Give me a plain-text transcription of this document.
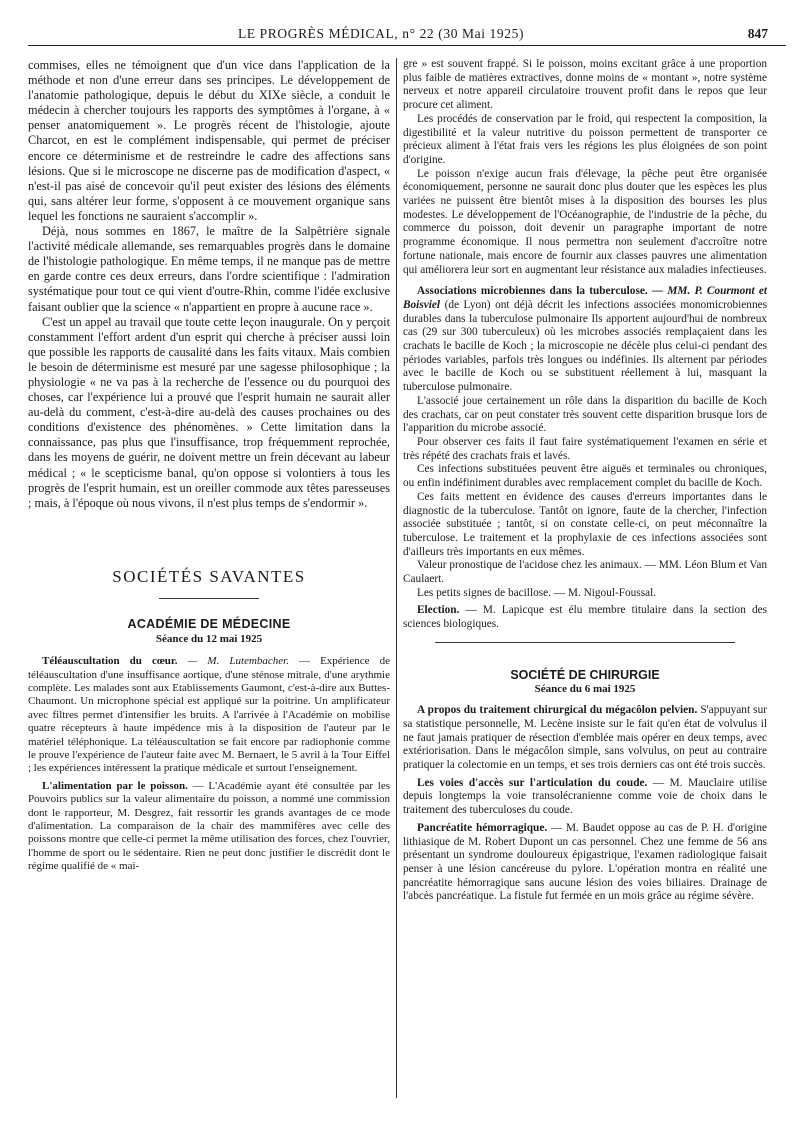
LE PROGRÈS MÉDICAL, n° 22 (30 Mai 1925)	847

commises, elles ne témoignent que d'un vice dans l'application de la méthode et non d'une erreur dans ses principes. Le développement de l'anatomie pathologique, depuis le début du XIXe siècle, a conduit le médecin à chercher toujours les rapports des symptômes à l'organe, à « penser anatomiquement ». Le progrès récent de l'histologie, ajoute Charcot, en est le complément indispensable, qui permet de préciser encore ce déterminisme et de restreindre le cadre des affections sans lésions. Que si le microscope ne discerne pas de modification d'aspect, « n'est-il pas aisé de concevoir qu'il peut exister des lésions des éléments qui, sans altérer leur forme, s'opposent à ce mouvement organique sans lequel les fonctions ne sauraient s'accomplir ».

Déjà, nous sommes en 1867, le maître de la Salpêtrière signale l'activité médicale allemande, ses remarquables progrès dans le domaine de l'histologie pathologique. En même temps, il ne manque pas de mettre en garde contre ces deux erreurs, dans l'ordre scientifique : l'admiration systématique pour tout ce qui vient d'outre-Rhin, comme l'idée exclusive faisant oublier que la science « n'appartient en propre à aucune race ».

C'est un appel au travail que toute cette leçon inaugurale. On y perçoit constamment l'effort ardent d'un esprit qui cherche à préciser aussi loin que possible les rapports de causalité dans les faits vitaux. Mais combien le besoin de déterminisme est mesuré par une sagesse philosophique ; la physiologie « ne va pas à la recherche de l'essence ou du pourquoi des choses, car l'expérience lui a prouvé que l'esprit humain ne saurait aller au-delà du comment, c'est-à-dire au-delà des causes prochaines ou des conditions d'existence des phénomènes. » Cette limitation dans la connaissance, pas plus que l'insuffisance, trop fréquemment reprochée, dans les moyens de guérir, ne doivent mettre un frein décevant au labeur médical ; « le scepticisme banal, qu'on oppose si volontiers à tous les progrès de l'esprit humain, est un oreiller commode aux têtes paresseuses ; mais, à l'époque où nous vivons, il n'est plus temps de s'endormir ».

SOCIÉTÉS SAVANTES
ACADÉMIE DE MÉDECINE
Séance du 12 mai 1925

Téléauscultation du cœur. — M. Lutembacher. — Expérience de téléauscultation d'une insuffisance aortique, d'une sténose mitrale, d'une arythmie complète. Les malades sont aux Etablissements Gaumont, c'est-à-dire aux Buttes-Chaumont. Un microphone spécial est appliqué sur la poitrine. Un amplificateur avec filtres permet d'intensifier les bruits. A l'arrivée à l'Académie on mobilise quatre récepteurs à haute impédence mis à la disposition de l'auteur par le matériel téléphonique. La téléauscultation se fait encore par radiophonie comme le prouve l'expérience de l'auteur faite avec M. Bernaert, le 5 avril à la Tour Eiffel ; les expériences intéressent la pratique médicale et surtout l'enseignement.

L'alimentation par le poisson. — L'Académie ayant été consultée par les Pouvoirs publics sur la valeur alimentaire du poisson, a nommé une commission dont le rapporteur, M. Desgrez, fait ressortir les grands avantages de ce mode d'alimentation. La comparaison de la chair des mammifères avec celle des poissons montre que celle-ci permet la même utilisation des forces, chez l'ouvrier, l'homme de sport ou le sédentaire. Rien ne peut donc justifier le discrédit dont le régime qualifié de « mai-

gre » est souvent frappé. Si le poisson, moins excitant grâce à une proportion plus faible de matières extractives, donne moins de « montant », notre système nerveux et notre appareil circulatoire trouvent profit dans le repos que leur procure cet aliment.

Les procédés de conservation par le froid, qui respectent la composition, la digestibilité et la valeur nutritive du poisson permettent de transporter ce précieux aliment à l'état frais vers les régions les plus éloignées de son point d'origine.

Le poisson n'exige aucun frais d'élevage, la pêche peut être organisée économiquement, personne ne saurait donc plus douter que les espèces les plus variées ne puissent être bientôt mises à la disposition des bourses les plus modestes. Le développement de l'Océanographie, de l'industrie de la pêche, du commerce du poisson, doit devenir un paragraphe important de notre programme économique. Il nous permettra non seulement d'accroître notre fortune nationale, mais encore de fournir aux classes pauvres une alimentation qui améliorera leur sort en augmentant leur résistance aux maladies infectieuses.

Associations microbiennes dans la tuberculose. — MM. P. Courmont et Boisviel (de Lyon) ont déjà décrit les infections associées monomicrobiennes durables dans la tuberculose pulmonaire Ils apportent aujourd'hui de nombreux cas (29 sur 300 tuberculeux) où les microbes associés remplaçaient dans les crachats le bacille de Koch ; la microscopie ne décèle plus celui-ci pendant des périodes variables, parfois très longues ou indéfinies. Ils alternent par périodes avec le bacille de Koch ou se substituent réellement à lui, masquant la tuberculose pulmonaire.

L'associé joue certainement un rôle dans la disparition du bacille de Koch des crachats, car on peut constater très souvent cette disparition brusque lors de l'apparition du microbe associé.

Pour observer ces faits il faut faire systématiquement l'examen en série et très répété des crachats frais et lavés.

Ces infections substituées peuvent être aiguës et terminales ou chroniques, ou enfin indéfiniment durables avec remplacement complet du bacille de Koch.

Ces faits mettent en évidence des causes d'erreurs importantes dans le diagnostic de la tuberculose. Tantôt on ignore, faute de la chercher, l'infection associée substituée ; tantôt, si on constate celle-ci, on peut méconnaître la tuberculose. Le traitement et la prophylaxie de ces infections associées sont d'ailleurs très importants en eux mêmes.

Valeur pronostique de l'acidose chez les animaux. — MM. Léon Blum et Van Caulaert.

Les petits signes de bacillose. — M. Nigoul-Foussal.

Election. — M. Lapicque est élu membre titulaire dans la section des sciences biologiques.

SOCIÉTÉ DE CHIRURGIE
Séance du 6 mai 1925

A propos du traitement chirurgical du mégacôlon pelvien. S'appuyant sur sa statistique personnelle, M. Lecène insiste sur le fait qu'en état de volvulus il ne faut jamais pratiquer de résection d'emblée mais opérer en deux temps, avec extériorisation. Dans le mégacôlon simple, sans volvulus, on peut au contraire pratiquer la colectomie en un temps, et ses trois derniers cas ont été trois succès.

Les voies d'accès sur l'articulation du coude. — M. Mauclaire utilise depuis longtemps la voie transolécranienne comme voie de choix dans le traitement des tuberculoses du coude.

Pancréatite hémorragique. — M. Baudet oppose au cas de P. H. d'origine lithiasique de M. Robert Dupont un cas personnel. Chez une femme de 56 ans présentant un syndrome douloureux épigastrique, l'examen radiologique faisait penser à une lésion cancéreuse du pylore. L'opération montra en réalité une pancréatite hémorragique sans aucune lésion des voies biliaires. Drainage de l'abcès pancréatique. La fistule fut fermée en un mois grâce au régime sévère.
